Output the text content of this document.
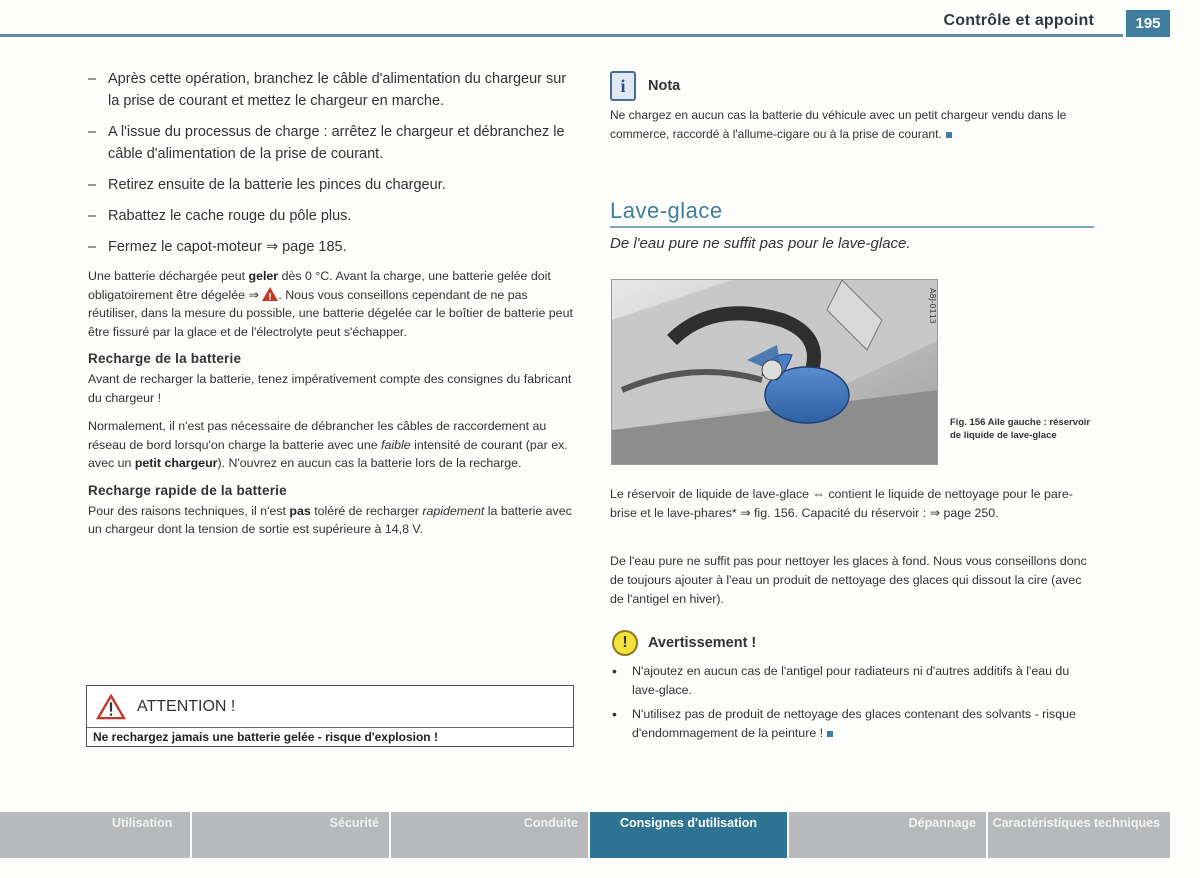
Contrôle et appoint	195
– Après cette opération, branchez le câble d'alimentation du chargeur sur la prise de courant et mettez le chargeur en marche.
– A l'issue du processus de charge : arrêtez le chargeur et débranchez le câble d'alimentation de la prise de courant.
– Retirez ensuite de la batterie les pinces du chargeur.
– Rabattez le cache rouge du pôle plus.
– Fermez le capot-moteur ⇒ page 185.

Une batterie déchargée peut geler dès 0 °C. Avant la charge, une batterie gelée doit obligatoirement être dégelée ⇒ !. Nous vous conseillons cependant de ne pas réutiliser, dans la mesure du possible, une batterie dégelée car le boîtier de batterie peut être fissuré par la glace et de l'électrolyte peut s'échapper.

Recharge de la batterie

Avant de recharger la batterie, tenez impérativement compte des consignes du fabricant du chargeur !

Normalement, il n'est pas nécessaire de débrancher les câbles de raccordement au réseau de bord lorsqu'on charge la batterie avec une faible intensité de courant (par ex. avec un petit chargeur). N'ouvrez en aucun cas la batterie lors de la recharge.

Recharge rapide de la batterie

Pour des raisons techniques, il n'est pas toléré de recharger rapidement la batterie avec un chargeur dont la tension de sortie est supérieure à 14,8 V.

ATTENTION !
Ne rechargez jamais une batterie gelée - risque d'explosion !
i	Nota

Ne chargez en aucun cas la batterie du véhicule avec un petit chargeur vendu dans le commerce, raccordé à l'allume-cigare ou à la prise de courant.

Lave-glace
De l'eau pure ne suffit pas pour le lave-glace.
A8J-0113
Fig. 156 Aile gauche : réservoir de liquide de lave-glace

Le réservoir de liquide de lave-glace ⇔ contient le liquide de nettoyage pour le pare-brise et le lave-phares* ⇒ fig. 156. Capacité du réservoir : ⇒ page 250.

De l'eau pure ne suffit pas pour nettoyer les glaces à fond. Nous vous conseillons donc de toujours ajouter à l'eau un produit de nettoyage des glaces qui dissout la cire (avec de l'antigel en hiver).

!	Avertissement !
•	N'ajoutez en aucun cas de l'antigel pour radiateurs ni d'autres additifs à l'eau du lave-glace.
•	N'utilisez pas de produit de nettoyage des glaces contenant des solvants - risque d'endommagement de la peinture !
Utilisation	Sécurité	Conduite	Consignes d'utilisation	Dépannage	Caractéristiques techniques
